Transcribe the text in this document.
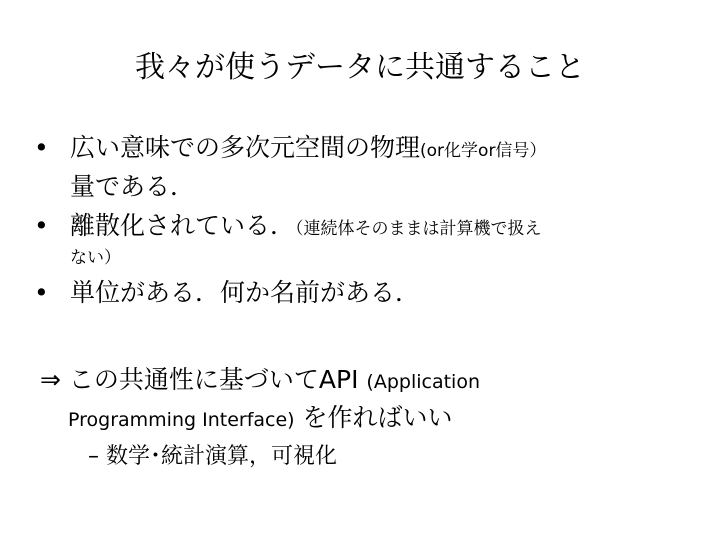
我々が使うデータに共通すること
• 広い意味での多次元空間の物理(or化学or信号）
量である．
• 離散化されている．（連続体そのままは計算機で扱え
ない）
• 単位がある．何か名前がある．
⇒ この共通性に基づいてAPI (Application
Programming Interface) を作ればいい
– 数学･統計演算，可視化
